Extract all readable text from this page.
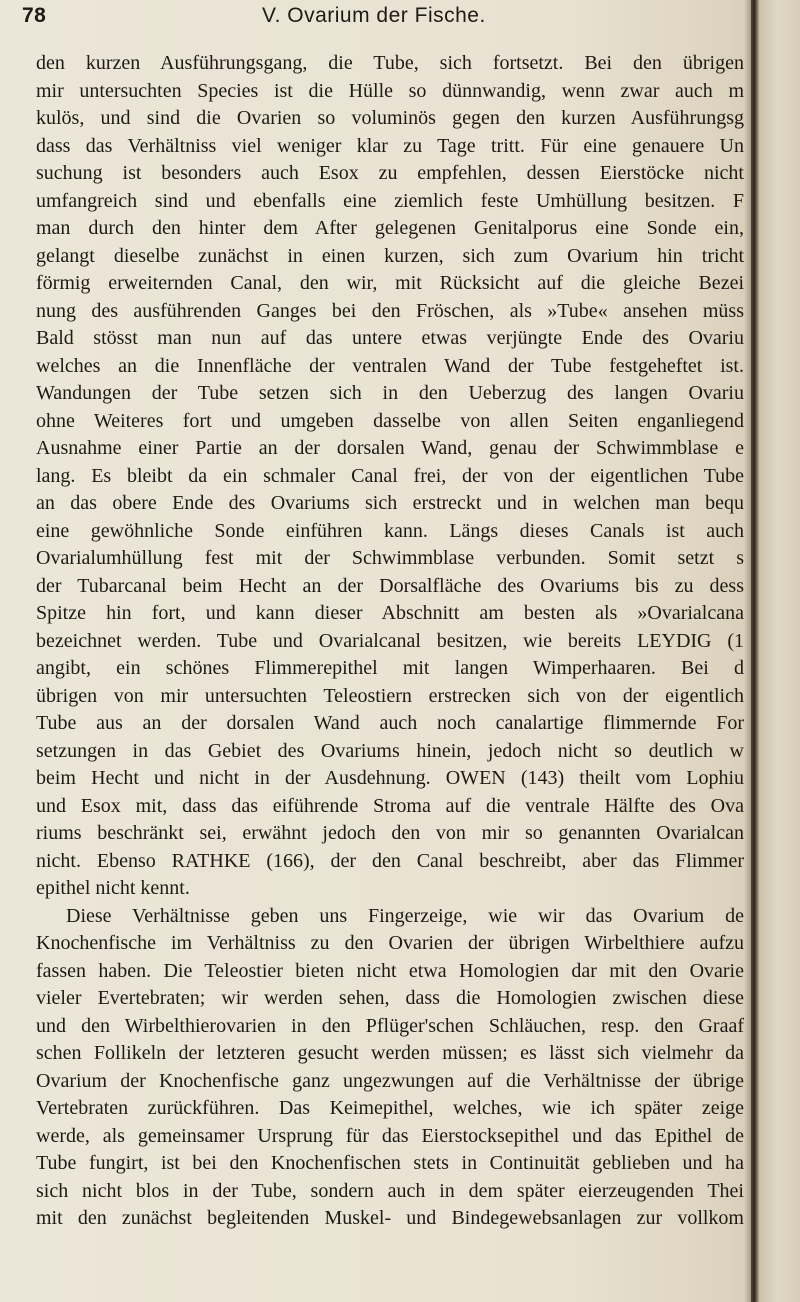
78	V. Ovarium der Fische.
den kurzen Ausführungsgang, die Tube, sich fortsetzt. Bei den übrigen
mir untersuchten Species ist die Hülle so dünnwandig, wenn zwar auch m
kulös, und sind die Ovarien so voluminös gegen den kurzen Ausführungsg
dass das Verhältniss viel weniger klar zu Tage tritt. Für eine genauere Un
suchung ist besonders auch Esox zu empfehlen, dessen Eierstöcke nicht
umfangreich sind und ebenfalls eine ziemlich feste Umhüllung besitzen. F
man durch den hinter dem After gelegenen Genitalporus eine Sonde ein,
gelangt dieselbe zunächst in einen kurzen, sich zum Ovarium hin tricht
förmig erweiternden Canal, den wir, mit Rücksicht auf die gleiche Bezei
nung des ausführenden Ganges bei den Fröschen, als »Tube« ansehen müss
Bald stösst man nun auf das untere etwas verjüngte Ende des Ovariu
welches an die Innenfläche der ventralen Wand der Tube festgeheftet ist.
Wandungen der Tube setzen sich in den Ueberzug des langen Ovariu
ohne Weiteres fort und umgeben dasselbe von allen Seiten enganliegend
Ausnahme einer Partie an der dorsalen Wand, genau der Schwimmblase e
lang. Es bleibt da ein schmaler Canal frei, der von der eigentlichen Tube
an das obere Ende des Ovariums sich erstreckt und in welchen man bequ
eine gewöhnliche Sonde einführen kann. Längs dieses Canals ist auch
Ovarialumhüllung fest mit der Schwimmblase verbunden. Somit setzt s
der Tubarcanal beim Hecht an der Dorsalfläche des Ovariums bis zu dess
Spitze hin fort, und kann dieser Abschnitt am besten als »Ovarialcana
bezeichnet werden. Tube und Ovarialcanal besitzen, wie bereits LEYDIG (1
angibt, ein schönes Flimmerepithel mit langen Wimperhaaren. Bei d
übrigen von mir untersuchten Teleostiern erstrecken sich von der eigentlich
Tube aus an der dorsalen Wand auch noch canalartige flimmernde For
setzungen in das Gebiet des Ovariums hinein, jedoch nicht so deutlich w
beim Hecht und nicht in der Ausdehnung. OWEN (143) theilt vom Lophiu
und Esox mit, dass das eiführende Stroma auf die ventrale Hälfte des Ova
riums beschränkt sei, erwähnt jedoch den von mir so genannten Ovarialcan
nicht. Ebenso RATHKE (166), der den Canal beschreibt, aber das Flimmer
epithel nicht kennt.
Diese Verhältnisse geben uns Fingerzeige, wie wir das Ovarium de
Knochenfische im Verhältniss zu den Ovarien der übrigen Wirbelthiere aufzu
fassen haben. Die Teleostier bieten nicht etwa Homologien dar mit den Ovarie
vieler Evertebraten; wir werden sehen, dass die Homologien zwischen diese
und den Wirbelthierovarien in den Pflüger'schen Schläuchen, resp. den Graaf
schen Follikeln der letzteren gesucht werden müssen; es lässt sich vielmehr da
Ovarium der Knochenfische ganz ungezwungen auf die Verhältnisse der übrige
Vertebraten zurückführen. Das Keimepithel, welches, wie ich später zeige
werde, als gemeinsamer Ursprung für das Eierstocksepithel und das Epithel de
Tube fungirt, ist bei den Knochenfischen stets in Continuität geblieben und ha
sich nicht blos in der Tube, sondern auch in dem später eierzeugenden Thei
mit den zunächst begleitenden Muskel- und Bindegewebsanlagen zur vollkom
